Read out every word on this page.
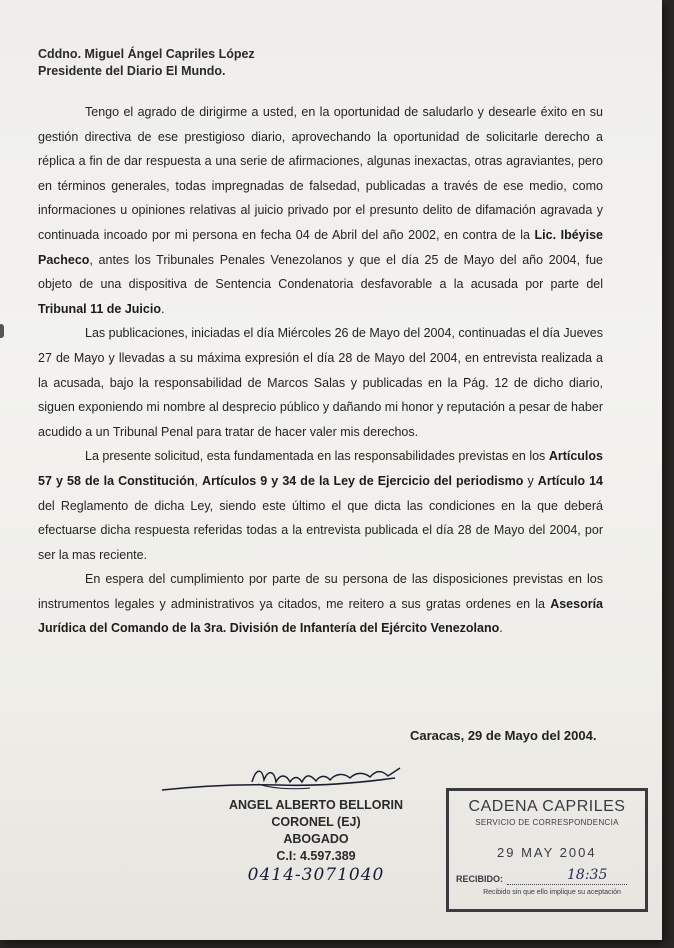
Cddno. Miguel Ángel Capriles López
Presidente del Diario El Mundo.

Tengo el agrado de dirigirme a usted, en la oportunidad de saludarlo y desearle éxito en su gestión directiva de ese prestigioso diario, aprovechando la oportunidad de solicitarle derecho a réplica a fin de dar respuesta a una serie de afirmaciones, algunas inexactas, otras agraviantes, pero en términos generales, todas impregnadas de falsedad, publicadas a través de ese medio, como informaciones u opiniones relativas al juicio privado por el presunto delito de difamación agravada y continuada incoado por mi persona en fecha 04 de Abril del año 2002, en contra de la Lic. Ibéyise Pacheco, antes los Tribunales Penales Venezolanos y que el día 25 de Mayo del año 2004, fue objeto de una dispositiva de Sentencia Condenatoria desfavorable a la acusada por parte del Tribunal 11 de Juicio.

Las publicaciones, iniciadas el día Miércoles 26 de Mayo del 2004, continuadas el día Jueves 27 de Mayo y llevadas a su máxima expresión el día 28 de Mayo del 2004, en entrevista realizada a la acusada, bajo la responsabilidad de Marcos Salas y publicadas en la Pág. 12 de dicho diario, siguen exponiendo mi nombre al desprecio público y dañando mi honor y reputación a pesar de haber acudido a un Tribunal Penal para tratar de hacer valer mis derechos.

La presente solicitud, esta fundamentada en las responsabilidades previstas en los Artículos 57 y 58 de la Constitución, Artículos 9 y 34 de la Ley de Ejercicio del periodismo y Artículo 14 del Reglamento de dicha Ley, siendo este último el que dicta las condiciones en la que deberá efectuarse dicha respuesta referidas todas a la entrevista publicada el día 28 de Mayo del 2004, por ser la mas reciente.

En espera del cumplimiento por parte de su persona de las disposiciones previstas en los instrumentos legales y administrativos ya citados, me reitero a sus gratas ordenes en la Asesoría Jurídica del Comando de la 3ra. División de Infantería del Ejército Venezolano.

Caracas, 29 de Mayo del 2004.
ANGEL ALBERTO BELLORIN
CORONEL (EJ)
ABOGADO
C.I: 4.597.389
0414-3071040
CADENA CAPRILES
SERVICIO DE CORRESPONDENCIA
29 MAY 2004
RECIBIDO:	18:35
Recibido sin que ello implique su aceptación
